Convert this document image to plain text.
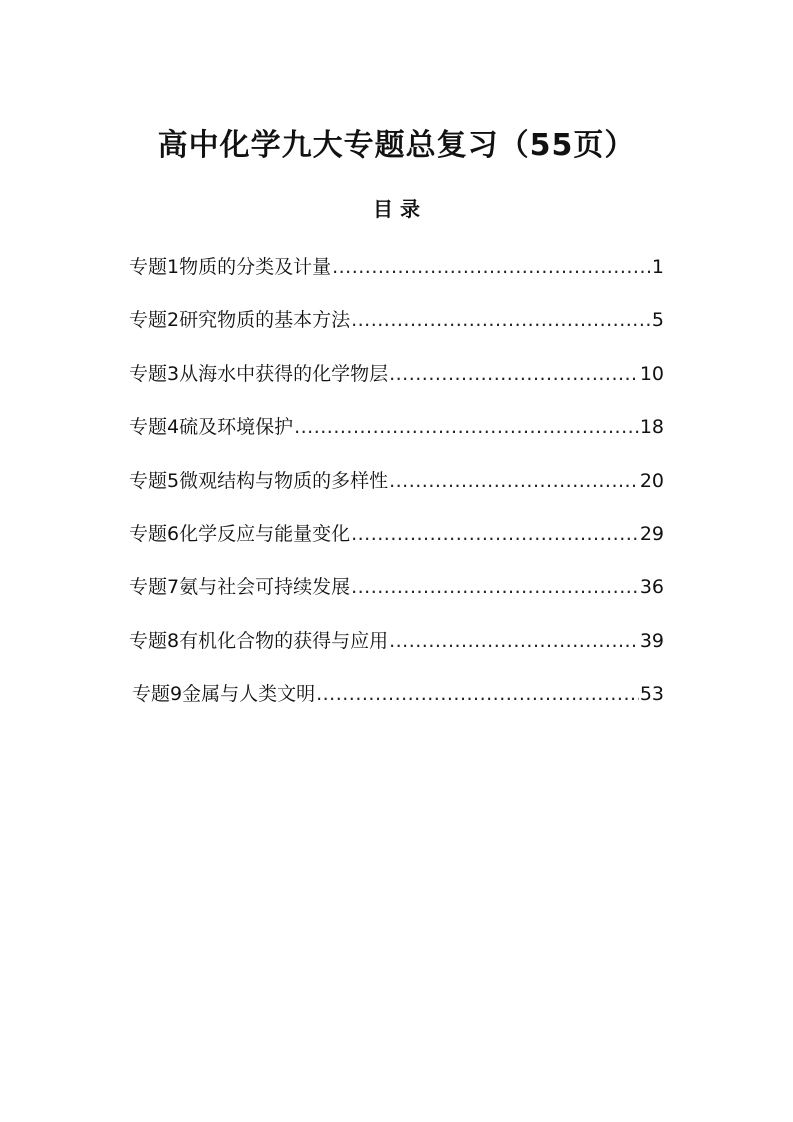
高中化学九大专题总复习（55页）
目 录
专题1物质的分类及计量 .....	1
专题2研究物质的基本方法 .....	5
专题3从海水中获得的化学物层 .....	10
专题4硫及环境保护 .....	18
专题5微观结构与物质的多样性 .....	20
专题6化学反应与能量变化 .....	29
专题7氨与社会可持续发展 .....	36
专题8有机化合物的获得与应用 .....	39
专题9金属与人类文明 .....	53
